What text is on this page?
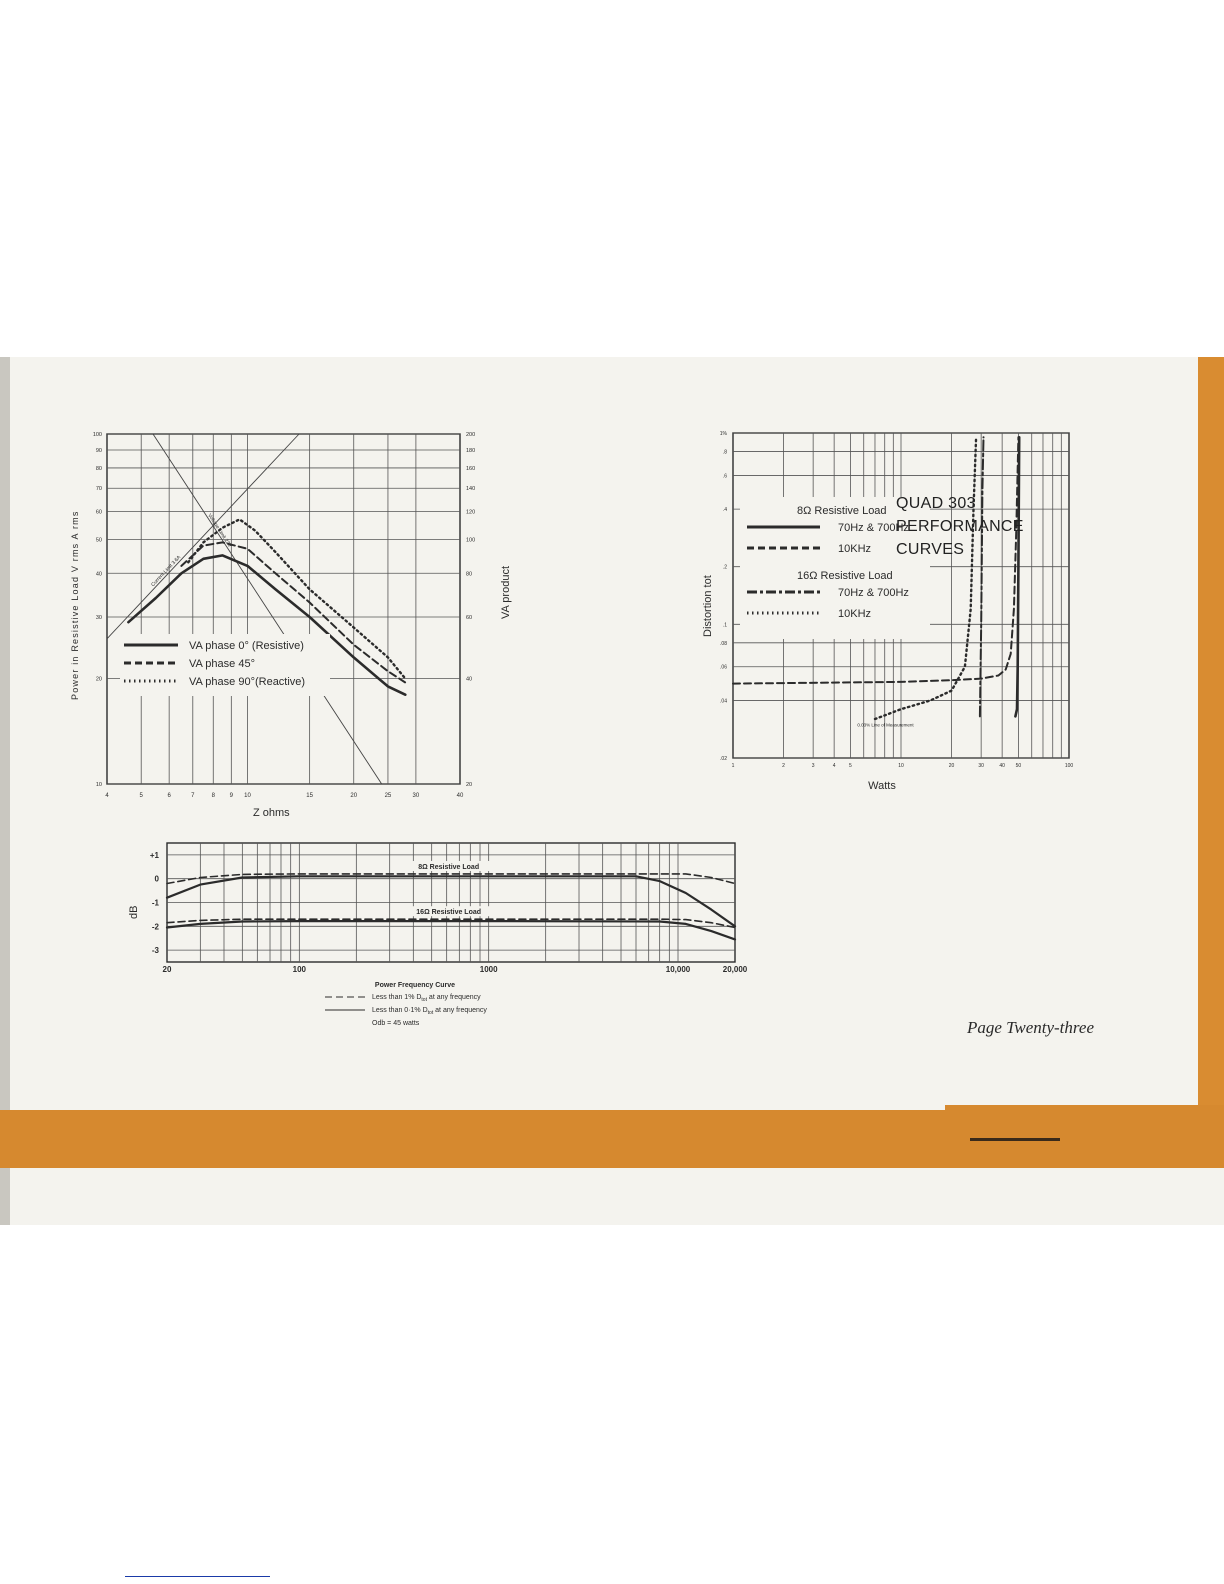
4	5	6	7	8 9 10	15	20	25	30	40
10
20
30
40
50
60
70
80
90
100
20
40
60
80
100
120
140
160
180
200
Voltage Limit 22V
Current Limit 3.6A
VA phase 0° (Resistive)
VA phase 45°
VA phase 90°(Reactive)
Z ohms
Power in Resistive Load V rms A rms	VA product
1	2	3	4	5	10	20	30	40 50	100
.02
.04
.06
.08
.1
.2
.4
.6
.8
1%
8Ω Resistive Load
70Hz & 700Hz
10KHz
16Ω Resistive Load
70Hz & 700Hz
10KHz
0.03% Line of Measurement
Watts
Distortion tot
20	100	1000	10,000	20,000
+1
0
-1
-2
-3
8Ω Resistive Load
16Ω Resistive Load
dB
Power Frequency Curve
Less than 1% $D_{tot}$ at any frequency
Less than 0·1% $D_{tot}$ at any frequency
Odb = 45 watts
QUAD 303
PERFORMANCE
CURVES
Page Twenty-three
